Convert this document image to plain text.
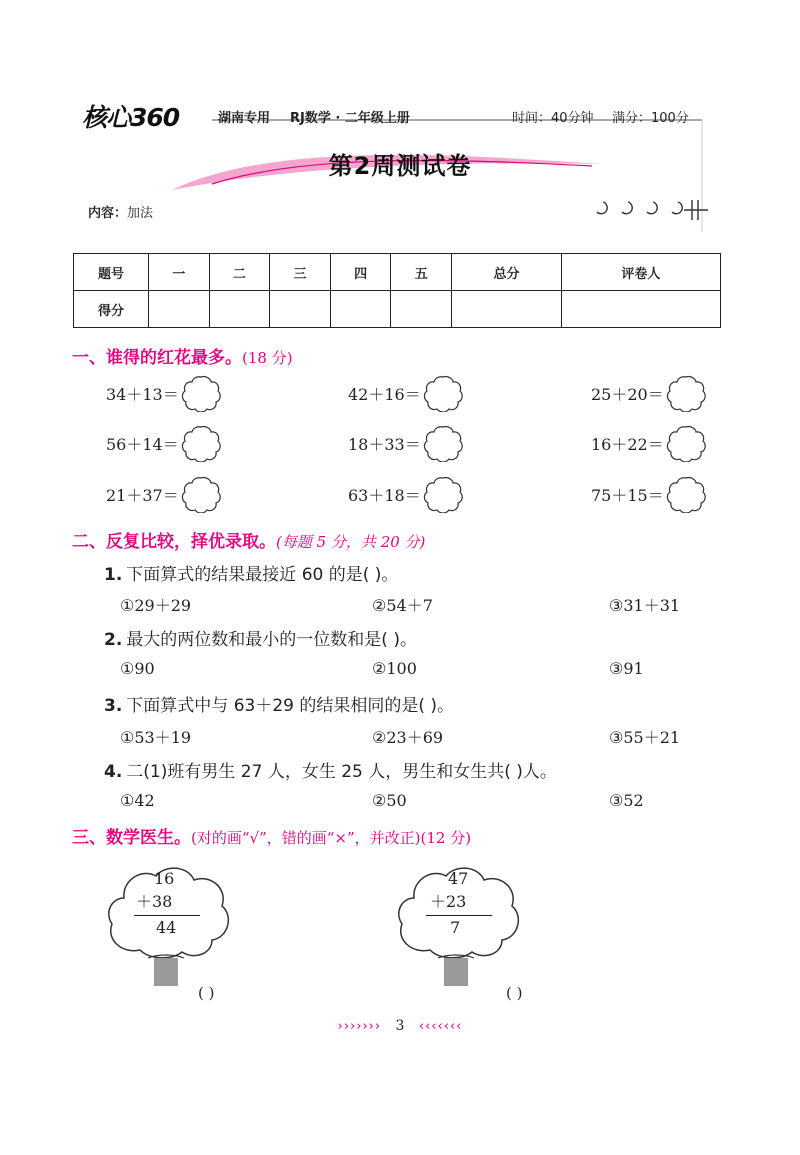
核心360	湖南专用 RJ数学 · 二年级上册	时间：40分钟 满分：100分
第2周测试卷
内容：加法
题号	一	二	三	四	五	总分	评卷人
得分							
一、谁得的红花最多。(18 分)
34＋13＝	42＋16＝	25＋20＝
56＋14＝	18＋33＝	16＋22＝
21＋37＝	63＋18＝	75＋15＝
二、反复比较，择优录取。(每题 5 分，共 20 分)
1. 下面算式的结果最接近 60 的是( )。
①29＋29	②54＋7	③31＋31
2. 最大的两位数和最小的一位数和是( )。
①90	②100	③91
3. 下面算式中与 63＋29 的结果相同的是( )。
①53＋19	②23＋69	③55＋21
4. 二(1)班有男生 27 人，女生 25 人，男生和女生共( )人。
①42	②50	③52
三、数学医生。(对的画“√”，错的画“×”，并改正)(12 分)
16
＋38
44
( )
47
＋23
7
( )
››››››› 3 ‹‹‹‹‹‹‹
